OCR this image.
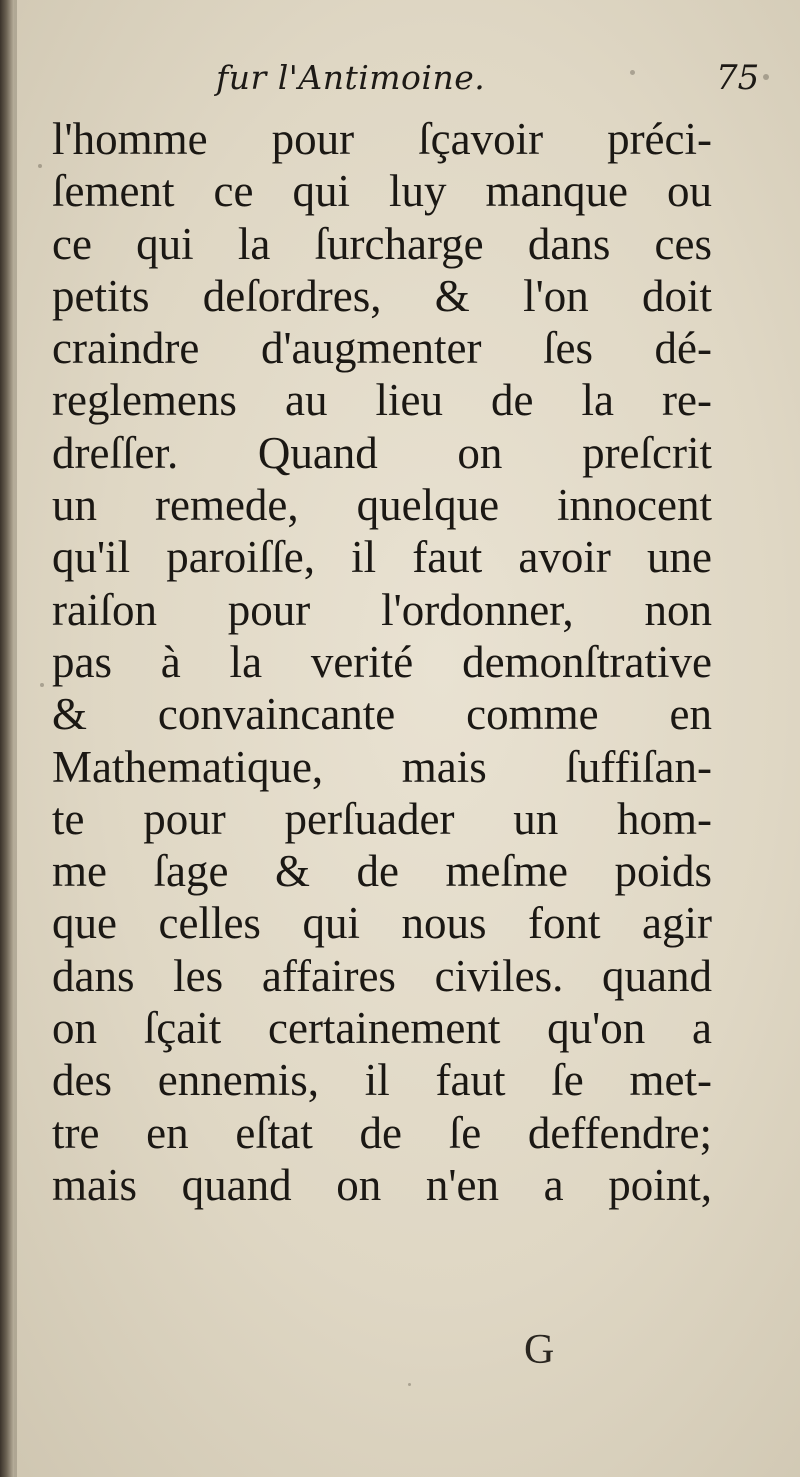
fur l'Antimoine.	75
l'homme pour ſçavoir préci-
ſement ce qui luy manque ou
ce qui la ſurcharge dans ces
petits deſordres, & l'on doit
craindre d'augmenter ſes dé-
reglemens au lieu de la re-
dreſſer. Quand on preſcrit
un remede, quelque innocent
qu'il paroiſſe, il faut avoir une
raiſon pour l'ordonner, non
pas à la verité demonſtrative
& convaincante comme en
Mathematique, mais ſuffiſan-
te pour perſuader un hom-
me ſage & de meſme poids
que celles qui nous font agir
dans les affaires civiles. quand
on ſçait certainement qu'on a
des ennemis, il faut ſe met-
tre en eſtat de ſe deffendre;
mais quand on n'en a point,
G
